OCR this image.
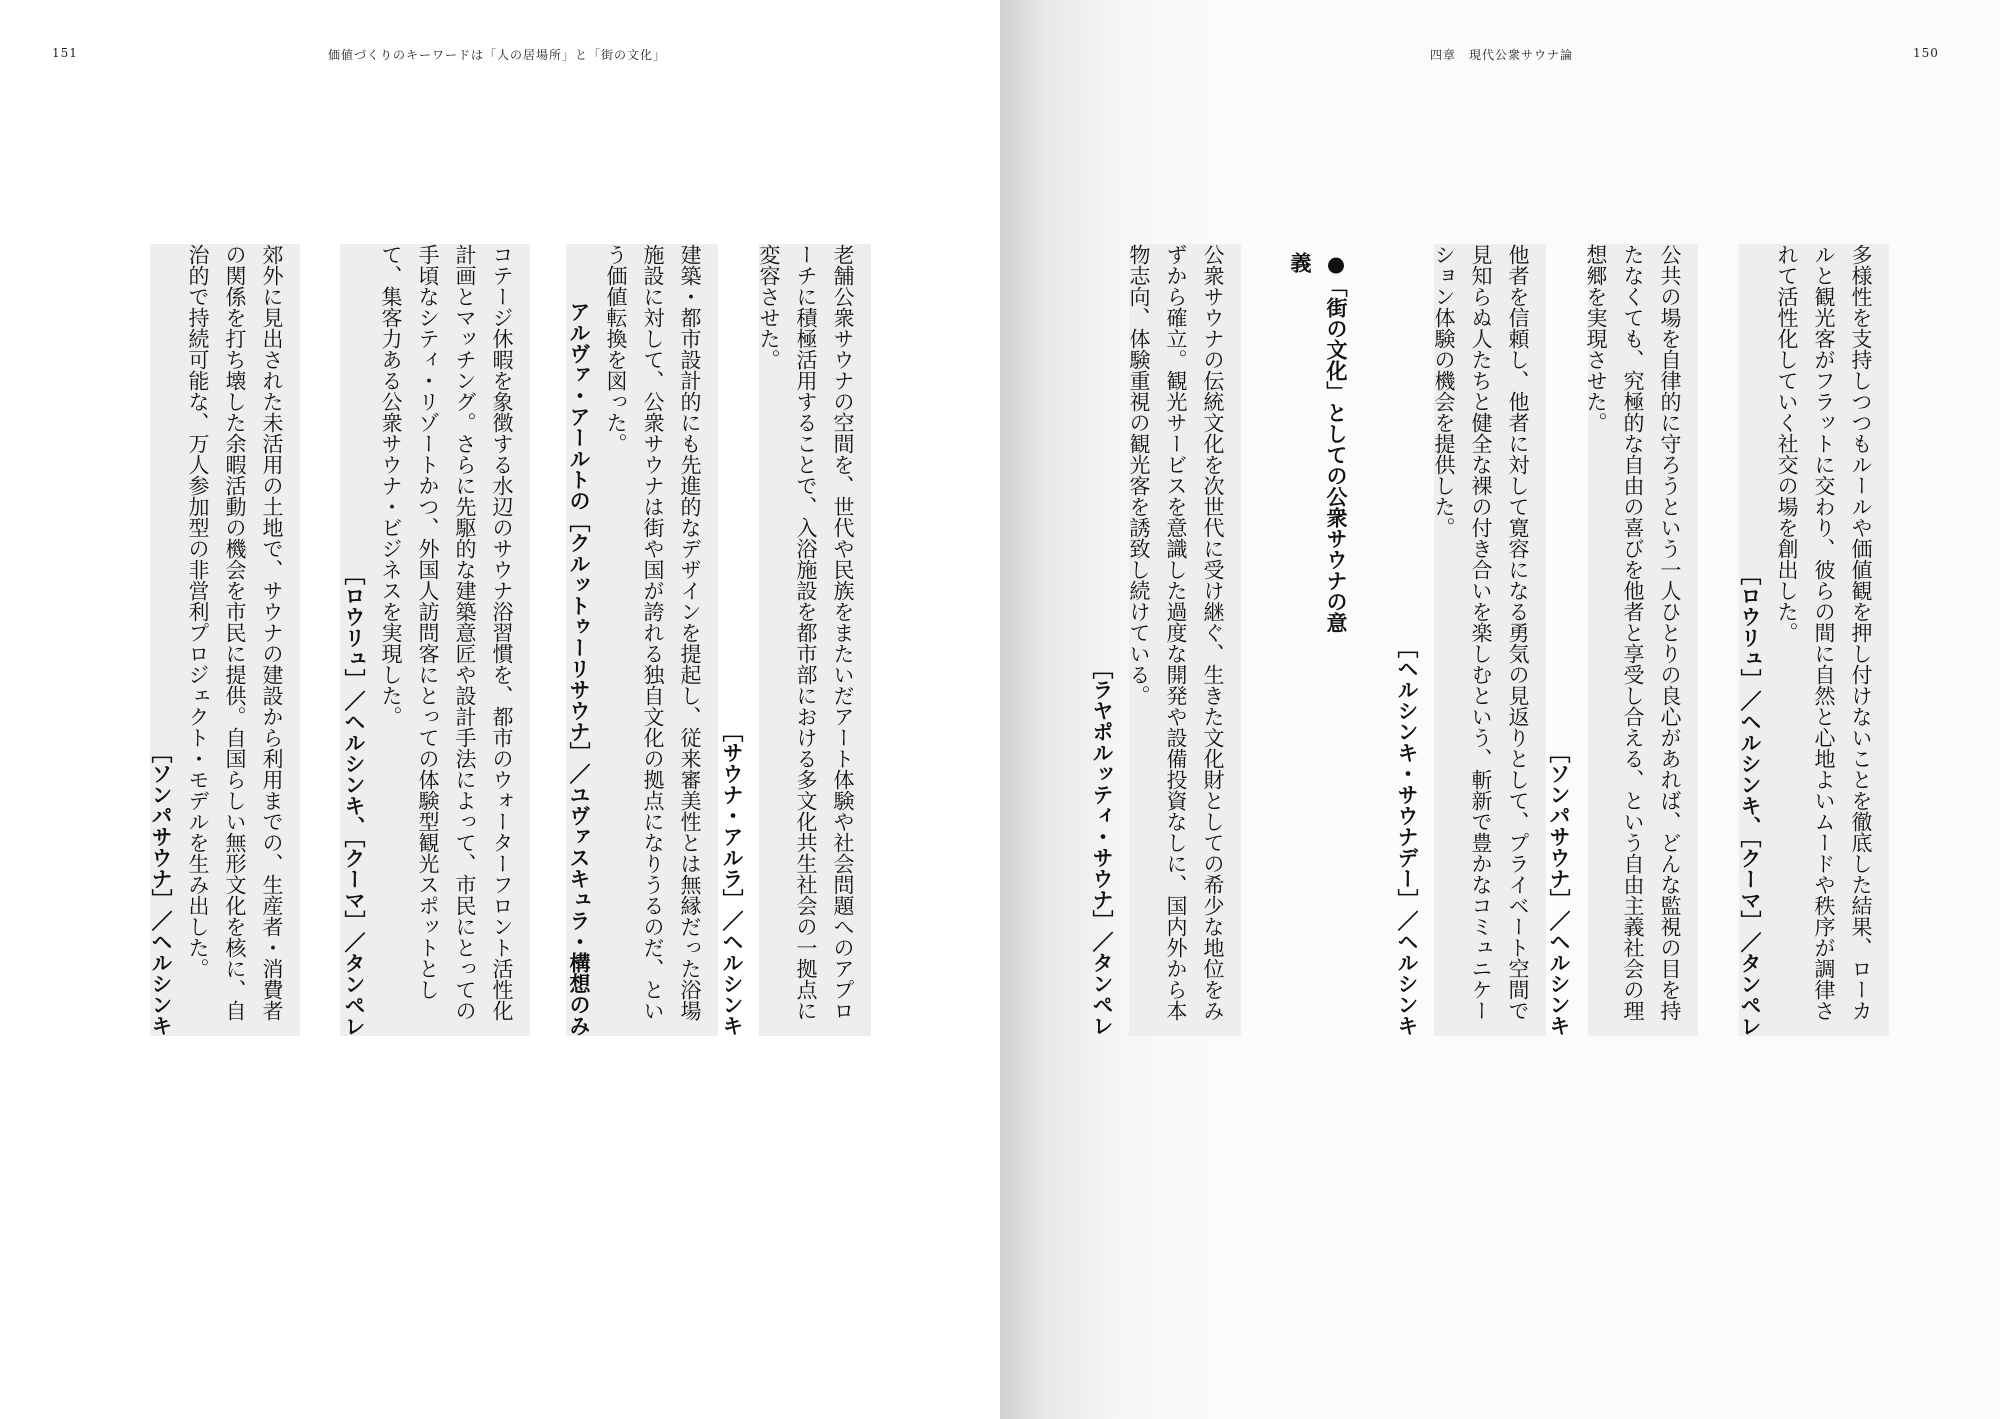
151	価値づくりのキーワードは「人の居場所」と「街の文化」
老舗公衆サウナの空間を、世代や民族をまたいだアート体験や社会問題へのアプローチに積極活用することで、入浴施設を都市部における多文化共生社会の一拠点に変容させた。
［サウナ・アルラ］／ヘルシンキ
建築・都市設計的にも先進的なデザインを提起し、従来審美性とは無縁だった浴場施設に対して、公衆サウナは街や国が誇れる独自文化の拠点になりうるのだ、という価値転換を図った。
アルヴァ・アールトの［クルットゥーリサウナ］／ユヴァスキュラ・構想のみ
コテージ休暇を象徴する水辺のサウナ浴習慣を、都市のウォーターフロント活性化計画とマッチング。さらに先駆的な建築意匠や設計手法によって、市民にとっての手頃なシティ・リゾートかつ、外国人訪問客にとっての体験型観光スポットとして、集客力ある公衆サウナ・ビジネスを実現した。
［ロウリュ］／ヘルシンキ、［クーマ］／タンペレ
郊外に見出された未活用の土地で、サウナの建設から利用までの、生産者・消費者の関係を打ち壊した余暇活動の機会を市民に提供。自国らしい無形文化を核に、自治的で持続可能な、万人参加型の非営利プロジェクト・モデルを生み出した。
［ソンパサウナ］／ヘルシンキ
四章　現代公衆サウナ論	150
多様性を支持しつつもルールや価値観を押し付けないことを徹底した結果、ローカルと観光客がフラットに交わり、彼らの間に自然と心地よいムードや秩序が調律されて活性化していく社交の場を創出した。
［ロウリュ］／ヘルシンキ、［クーマ］／タンペレ
公共の場を自律的に守ろうという一人ひとりの良心があれば、どんな監視の目を持たなくても、究極的な自由の喜びを他者と享受し合える、という自由主義社会の理想郷を実現させた。
［ソンパサウナ］／ヘルシンキ
他者を信頼し、他者に対して寛容になる勇気の見返りとして、プライベート空間で見知らぬ人たちと健全な裸の付き合いを楽しむという、斬新で豊かなコミュニケーション体験の機会を提供した。
［ヘルシンキ・サウナデー］／ヘルシンキ
●「街の文化」としての公衆サウナの意義
公衆サウナの伝統文化を次世代に受け継ぐ、生きた文化財としての希少な地位をみずから確立。観光サービスを意識した過度な開発や設備投資なしに、国内外から本物志向、体験重視の観光客を誘致し続けている。
［ラヤポルッティ・サウナ］／タンペレ
